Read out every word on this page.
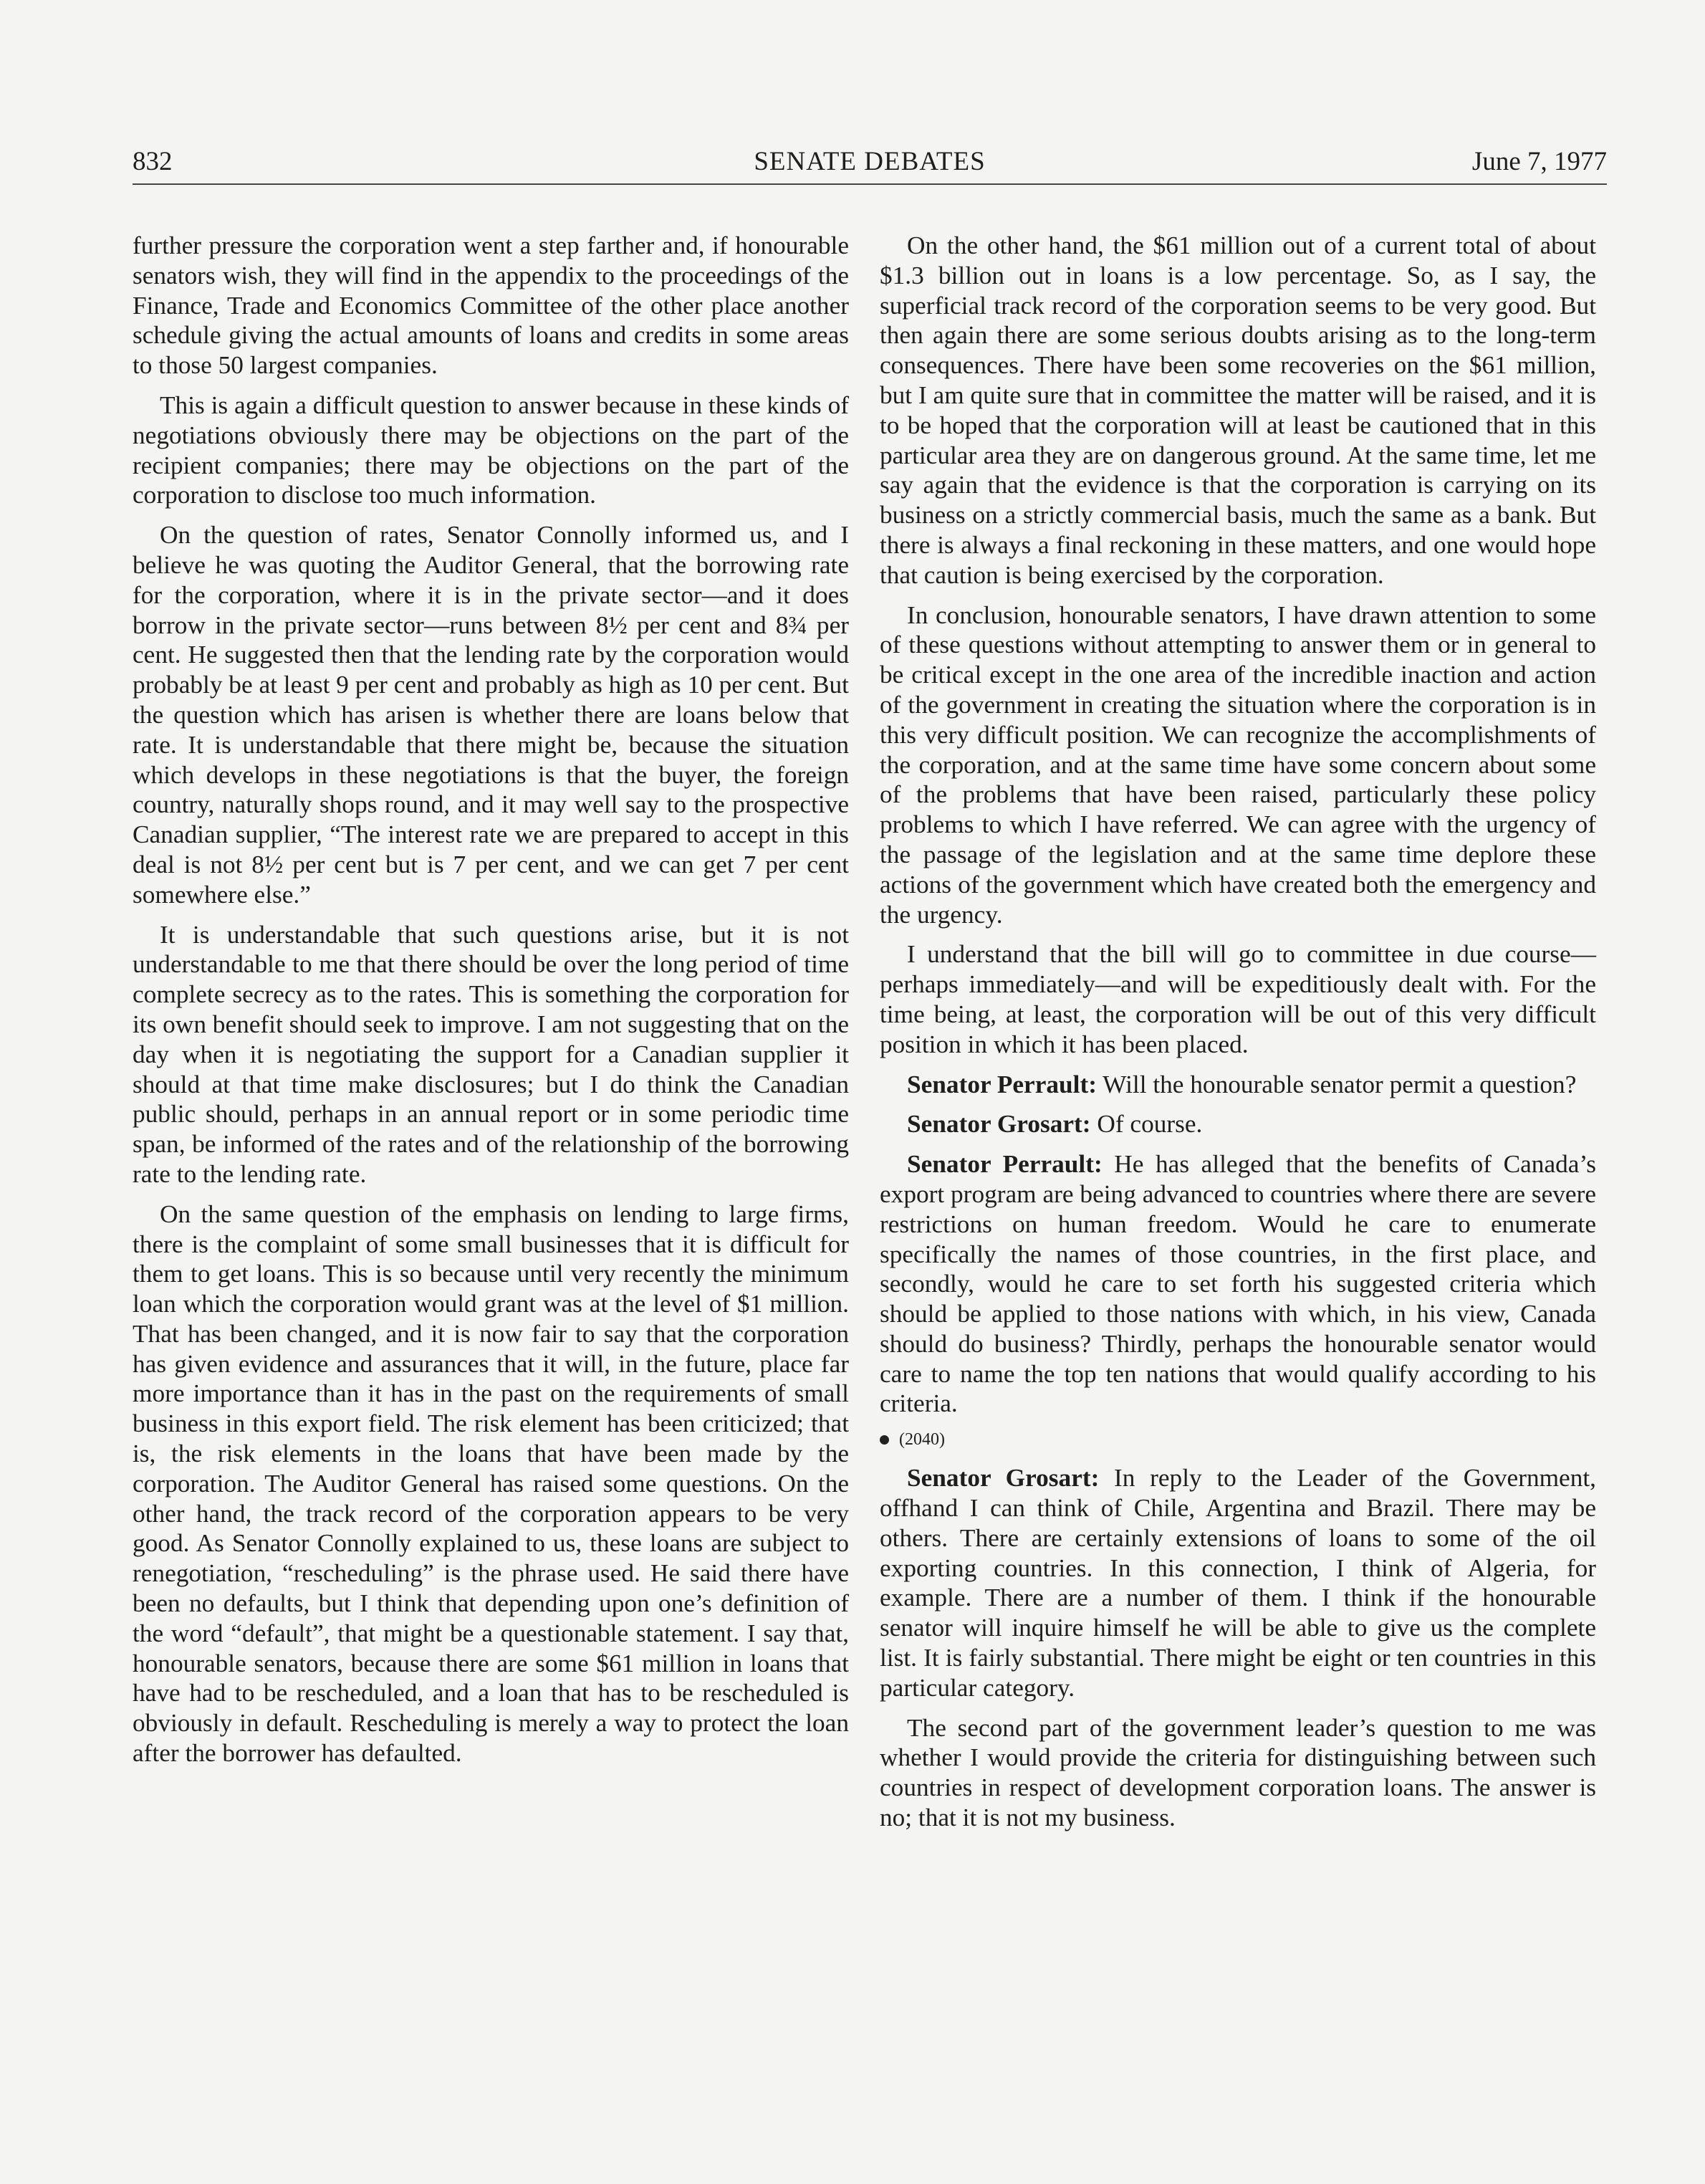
832	SENATE DEBATES	June 7, 1977

further pressure the corporation went a step farther and, if honourable senators wish, they will find in the appendix to the proceedings of the Finance, Trade and Economics Committee of the other place another schedule giving the actual amounts of loans and credits in some areas to those 50 largest companies.

This is again a difficult question to answer because in these kinds of negotiations obviously there may be objections on the part of the recipient companies; there may be objections on the part of the corporation to disclose too much information.

On the question of rates, Senator Connolly informed us, and I believe he was quoting the Auditor General, that the borrowing rate for the corporation, where it is in the private sector—and it does borrow in the private sector—runs between 8½ per cent and 8¾ per cent. He suggested then that the lending rate by the corporation would probably be at least 9 per cent and probably as high as 10 per cent. But the question which has arisen is whether there are loans below that rate. It is understandable that there might be, because the situation which develops in these negotiations is that the buyer, the foreign country, naturally shops round, and it may well say to the prospective Canadian supplier, “The interest rate we are prepared to accept in this deal is not 8½ per cent but is 7 per cent, and we can get 7 per cent somewhere else.”

It is understandable that such questions arise, but it is not understandable to me that there should be over the long period of time complete secrecy as to the rates. This is something the corporation for its own benefit should seek to improve. I am not suggesting that on the day when it is negotiating the support for a Canadian supplier it should at that time make disclosures; but I do think the Canadian public should, perhaps in an annual report or in some periodic time span, be informed of the rates and of the relationship of the borrowing rate to the lending rate.

On the same question of the emphasis on lending to large firms, there is the complaint of some small businesses that it is difficult for them to get loans. This is so because until very recently the minimum loan which the corporation would grant was at the level of $1 million. That has been changed, and it is now fair to say that the corporation has given evidence and assurances that it will, in the future, place far more importance than it has in the past on the requirements of small business in this export field. The risk element has been criticized; that is, the risk elements in the loans that have been made by the corporation. The Auditor General has raised some questions. On the other hand, the track record of the corporation appears to be very good. As Senator Connolly explained to us, these loans are subject to renegotiation, “rescheduling” is the phrase used. He said there have been no defaults, but I think that depending upon one’s definition of the word “default”, that might be a questionable statement. I say that, honourable senators, because there are some $61 million in loans that have had to be rescheduled, and a loan that has to be rescheduled is obviously in default. Rescheduling is merely a way to protect the loan after the borrower has defaulted.

On the other hand, the $61 million out of a current total of about $1.3 billion out in loans is a low percentage. So, as I say, the superficial track record of the corporation seems to be very good. But then again there are some serious doubts arising as to the long-term consequences. There have been some recoveries on the $61 million, but I am quite sure that in committee the matter will be raised, and it is to be hoped that the corporation will at least be cautioned that in this particular area they are on dangerous ground. At the same time, let me say again that the evidence is that the corporation is carrying on its business on a strictly commercial basis, much the same as a bank. But there is always a final reckoning in these matters, and one would hope that caution is being exercised by the corporation.

In conclusion, honourable senators, I have drawn attention to some of these questions without attempting to answer them or in general to be critical except in the one area of the incredible inaction and action of the government in creating the situation where the corporation is in this very difficult position. We can recognize the accomplishments of the corporation, and at the same time have some concern about some of the problems that have been raised, particularly these policy problems to which I have referred. We can agree with the urgency of the passage of the legislation and at the same time deplore these actions of the government which have created both the emergency and the urgency.

I understand that the bill will go to committee in due course—perhaps immediately—and will be expeditiously dealt with. For the time being, at least, the corporation will be out of this very difficult position in which it has been placed.

Senator Perrault: Will the honourable senator permit a question?

Senator Grosart: Of course.

Senator Perrault: He has alleged that the benefits of Canada’s export program are being advanced to countries where there are severe restrictions on human freedom. Would he care to enumerate specifically the names of those countries, in the first place, and secondly, would he care to set forth his suggested criteria which should be applied to those nations with which, in his view, Canada should do business? Thirdly, perhaps the honourable senator would care to name the top ten nations that would qualify according to his criteria.

(2040)

Senator Grosart: In reply to the Leader of the Government, offhand I can think of Chile, Argentina and Brazil. There may be others. There are certainly extensions of loans to some of the oil exporting countries. In this connection, I think of Algeria, for example. There are a number of them. I think if the honourable senator will inquire himself he will be able to give us the complete list. It is fairly substantial. There might be eight or ten countries in this particular category.

The second part of the government leader’s question to me was whether I would provide the criteria for distinguishing between such countries in respect of development corporation loans. The answer is no; that it is not my business.
